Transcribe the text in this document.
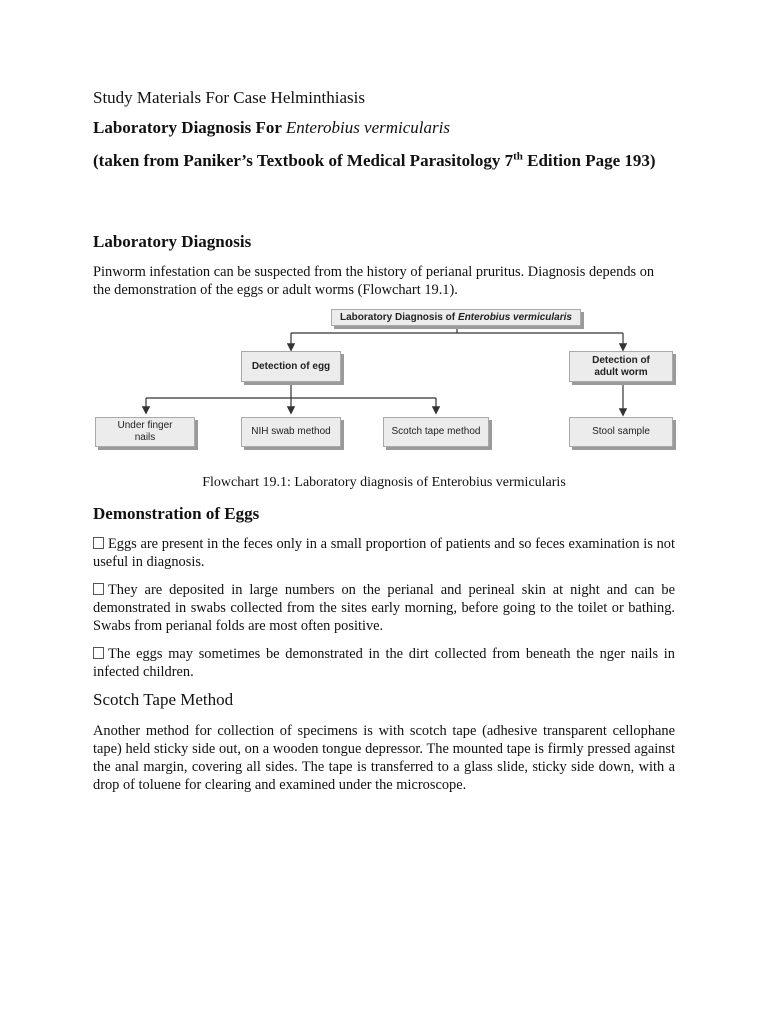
Study Materials For Case Helminthiasis
Laboratory Diagnosis For Enterobius vermicularis
(taken from Paniker’s Textbook of Medical Parasitology 7th Edition Page 193)
Laboratory Diagnosis
Pinworm infestation can be suspected from the history of perianal pruritus. Diagnosis depends on the demonstration of the eggs or adult worms (Flowchart 19.1).
Flowchart 19.1: Laboratory diagnosis of Enterobius vermicularis
Demonstration of Eggs
Eggs are present in the feces only in a small proportion of patients and so feces examination is not useful in diagnosis.
They are deposited in large numbers on the perianal and perineal skin at night and can be demonstrated in swabs collected from the sites early morning, before going to the toilet or bathing. Swabs from perianal folds are most often positive.
The eggs may sometimes be demonstrated in the dirt collected from beneath the nger nails in infected children.
Scotch Tape Method
Another method for collection of specimens is with scotch tape (adhesive transparent cellophane tape) held sticky side out, on a wooden tongue depressor. The mounted tape is firmly pressed against the anal margin, covering all sides. The tape is transferred to a glass slide, sticky side down, with a drop of toluene for clearing and examined under the microscope.
Laboratory Diagnosis of Enterobius vermicularis
Detection of egg
Detection of adult worm
Under finger nails
NIH swab method	Scotch tape method	Stool sample
